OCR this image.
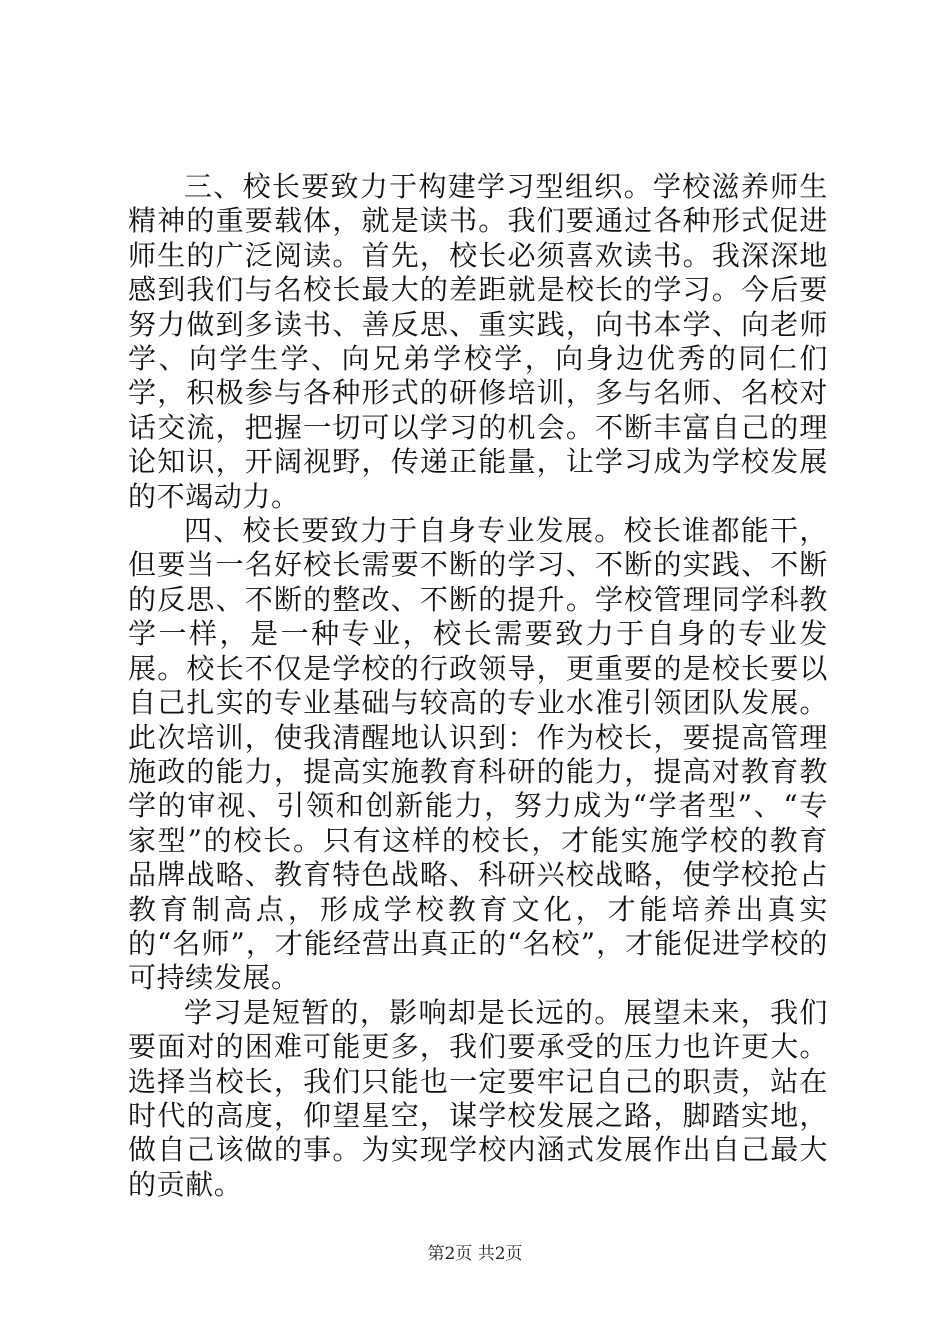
三、校长要致力于构建学习型组织。学校滋养师生精神的重要载体，就是读书。我们要通过各种形式促进师生的广泛阅读。首先，校长必须喜欢读书。我深深地感到我们与名校长最大的差距就是校长的学习。今后要努力做到多读书、善反思、重实践，向书本学、向老师学、向学生学、向兄弟学校学，向身边优秀的同仁们学，积极参与各种形式的研修培训，多与名师、名校对话交流，把握一切可以学习的机会。不断丰富自己的理论知识，开阔视野，传递正能量，让学习成为学校发展的不竭动力。

四、校长要致力于自身专业发展。校长谁都能干，但要当一名好校长需要不断的学习、不断的实践、不断的反思、不断的整改、不断的提升。学校管理同学科教学一样，是一种专业，校长需要致力于自身的专业发展。校长不仅是学校的行政领导，更重要的是校长要以自己扎实的专业基础与较高的专业水准引领团队发展。此次培训，使我清醒地认识到：作为校长，要提高管理施政的能力，提高实施教育科研的能力，提高对教育教学的审视、引领和创新能力，努力成为“学者型”、“专家型”的校长。只有这样的校长，才能实施学校的教育品牌战略、教育特色战略、科研兴校战略，使学校抢占教育制高点，形成学校教育文化，才能培养出真实的“名师”，才能经营出真正的“名校”，才能促进学校的可持续发展。

学习是短暂的，影响却是长远的。展望未来，我们要面对的困难可能更多，我们要承受的压力也许更大。选择当校长，我们只能也一定要牢记自己的职责，站在时代的高度，仰望星空，谋学校发展之路，脚踏实地，做自己该做的事。为实现学校内涵式发展作出自己最大的贡献。

第2页 共2页
